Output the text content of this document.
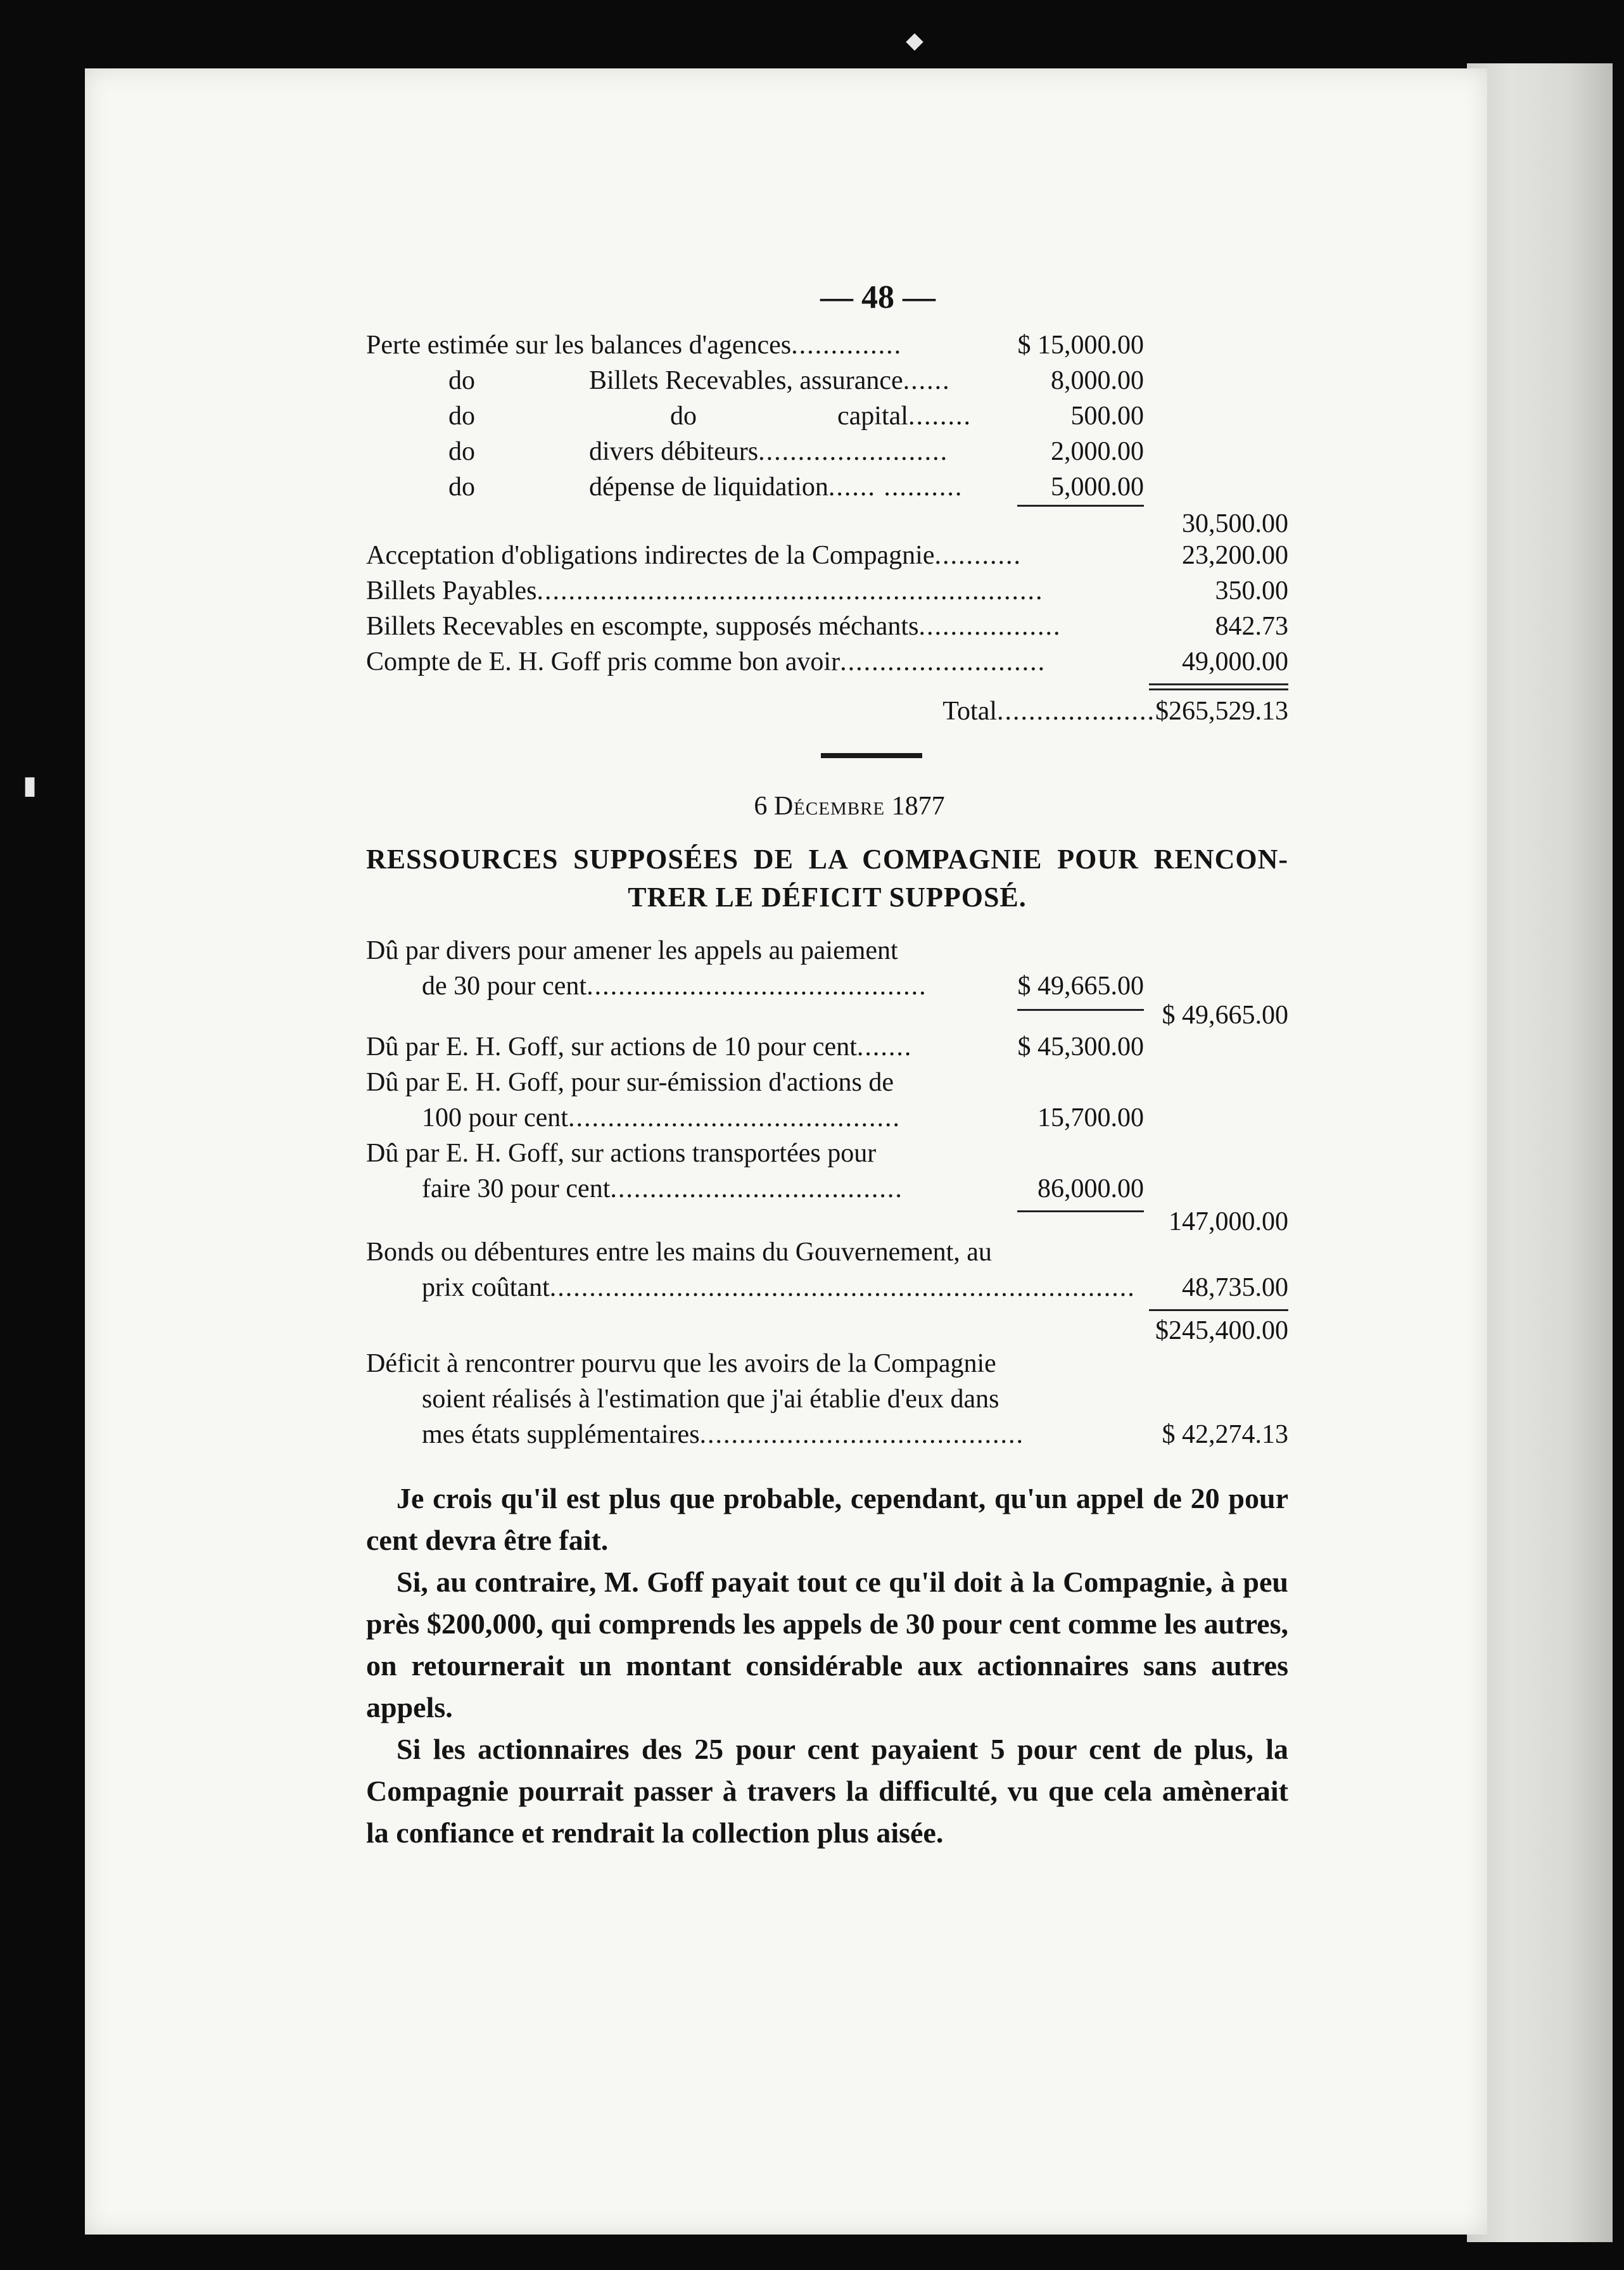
⬥
▮
— 48 —
Perte estimée sur les balances d'agences..............	$ 15,000.00
do	Billets Recevables, assurance......	8,000.00
do	do	capital........	500.00
do	divers débiteurs........................	2,000.00
do	dépense de liquidation...... ..........	5,000.00
30,500.00
Acceptation d'obligations indirectes de la Compagnie...........	23,200.00
Billets Payables................................................................	350.00
Billets Recevables en escompte, supposés méchants..................	842.73
Compte de E. H. Goff pris comme bon avoir..........................	49,000.00
Total....................$265,529.13
6 Décembre 1877
RESSOURCES SUPPOSÉES DE LA COMPAGNIE POUR RENCON-
TRER LE DÉFICIT SUPPOSÉ.
Dû par divers pour amener les appels au paiement
de 30 pour cent...........................................	$ 49,665.00
$ 49,665.00
Dû par E. H. Goff, sur actions de 10 pour cent.......	$ 45,300.00
Dû par E. H. Goff, pour sur-émission d'actions de
100 pour cent..........................................	15,700.00
Dû par E. H. Goff, sur actions transportées pour
faire 30 pour cent.....................................	86,000.00
147,000.00
Bonds ou débentures entre les mains du Gouvernement, au
prix coûtant.......................................................................... 48,735.00
$245,400.00
Déficit à rencontrer pourvu que les avoirs de la Compagnie
soient réalisés à l'estimation que j'ai établie d'eux dans
mes états supplémentaires.........................................	$ 42,274.13

Je crois qu'il est plus que probable, cependant, qu'un appel de 20 pour cent devra être fait.

Si, au contraire, M. Goff payait tout ce qu'il doit à la Compagnie, à peu près $200,000, qui comprends les appels de 30 pour cent comme les autres, on retournerait un montant considérable aux actionnaires sans autres appels.

Si les actionnaires des 25 pour cent payaient 5 pour cent de plus, la Compagnie pourrait passer à travers la difficulté, vu que cela amènerait la confiance et rendrait la collection plus aisée.
